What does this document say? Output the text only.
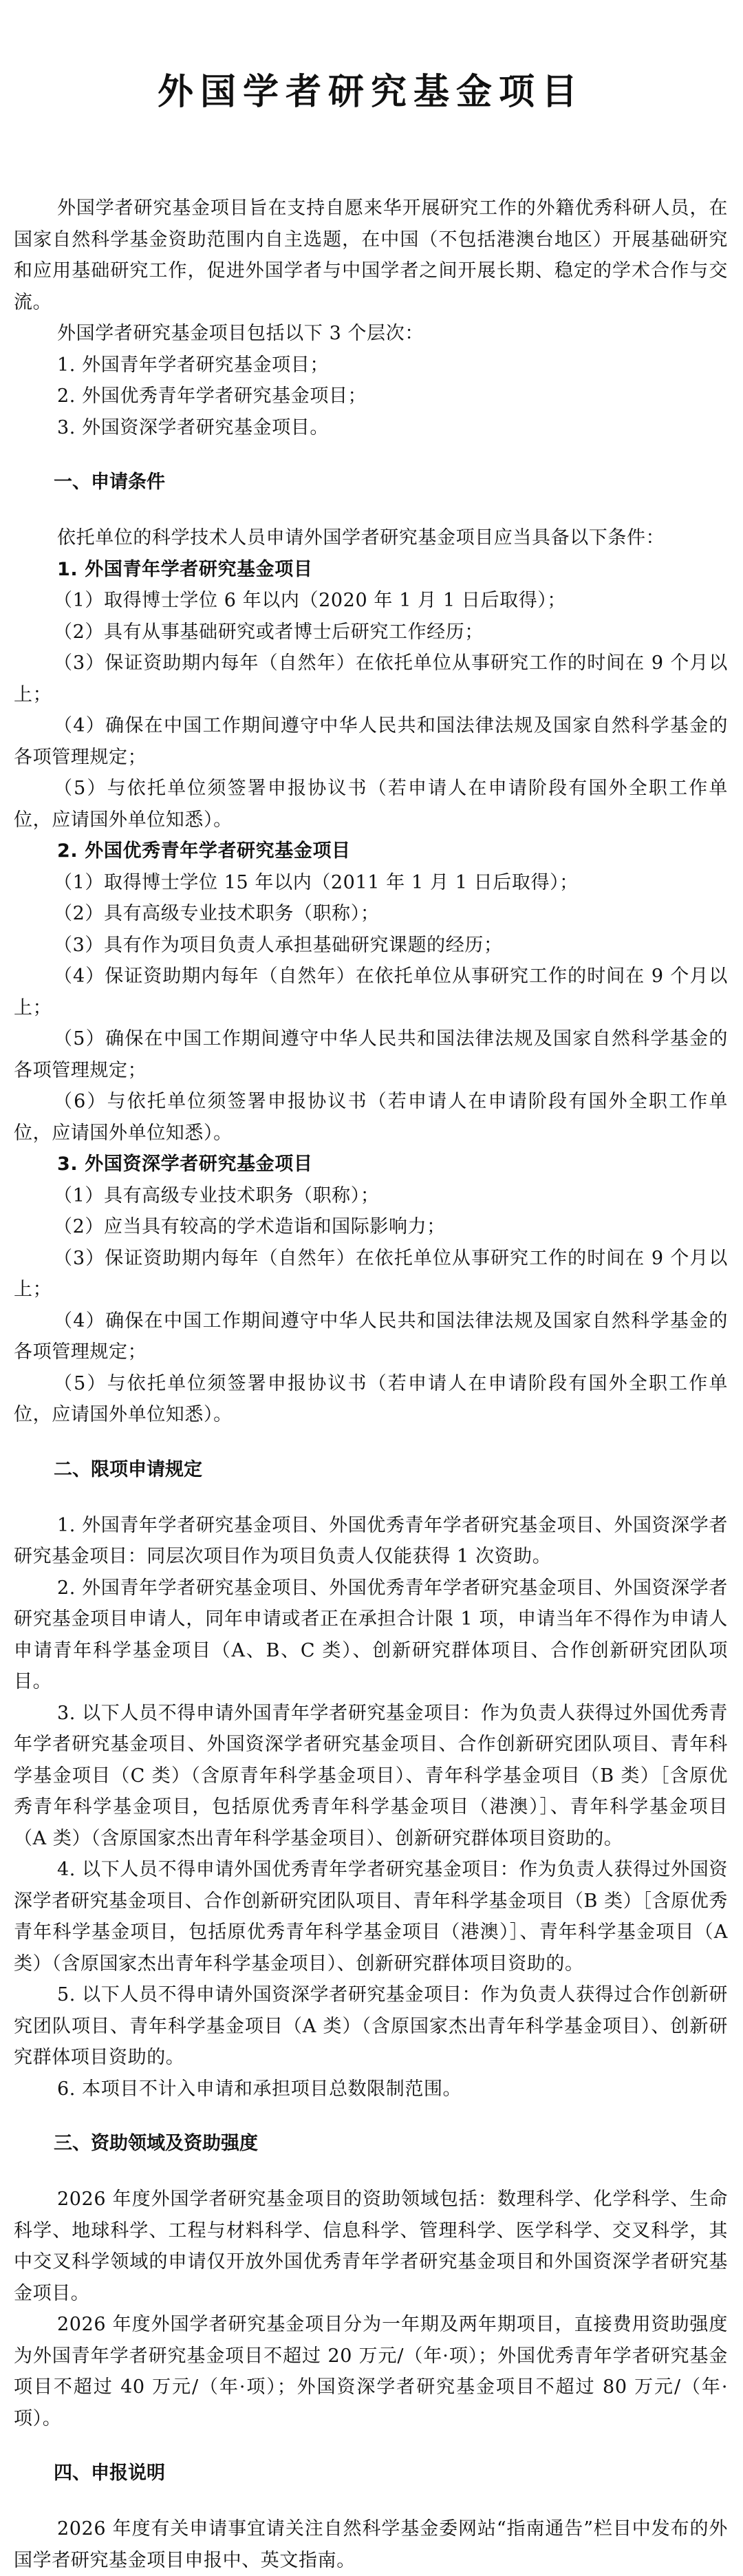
外国学者研究基金项目

外国学者研究基金项目旨在支持自愿来华开展研究工作的外籍优秀科研人员，在国家自然科学基金资助范围内自主选题，在中国（不包括港澳台地区）开展基础研究和应用基础研究工作，促进外国学者与中国学者之间开展长期、稳定的学术合作与交流。

外国学者研究基金项目包括以下 3 个层次：

1. 外国青年学者研究基金项目；

2. 外国优秀青年学者研究基金项目；

3. 外国资深学者研究基金项目。

一、申请条件

依托单位的科学技术人员申请外国学者研究基金项目应当具备以下条件：

1. 外国青年学者研究基金项目

（1）取得博士学位 6 年以内（2020 年 1 月 1 日后取得）；

（2）具有从事基础研究或者博士后研究工作经历；

（3）保证资助期内每年（自然年）在依托单位从事研究工作的时间在 9 个月以上；

（4）确保在中国工作期间遵守中华人民共和国法律法规及国家自然科学基金的各项管理规定；

（5）与依托单位须签署申报协议书（若申请人在申请阶段有国外全职工作单位，应请国外单位知悉）。

2. 外国优秀青年学者研究基金项目

（1）取得博士学位 15 年以内（2011 年 1 月 1 日后取得）；

（2）具有高级专业技术职务（职称）；

（3）具有作为项目负责人承担基础研究课题的经历；

（4）保证资助期内每年（自然年）在依托单位从事研究工作的时间在 9 个月以上；

（5）确保在中国工作期间遵守中华人民共和国法律法规及国家自然科学基金的各项管理规定；

（6）与依托单位须签署申报协议书（若申请人在申请阶段有国外全职工作单位，应请国外单位知悉）。

3. 外国资深学者研究基金项目

（1）具有高级专业技术职务（职称）；

（2）应当具有较高的学术造诣和国际影响力；

（3）保证资助期内每年（自然年）在依托单位从事研究工作的时间在 9 个月以上；

（4）确保在中国工作期间遵守中华人民共和国法律法规及国家自然科学基金的各项管理规定；

（5）与依托单位须签署申报协议书（若申请人在申请阶段有国外全职工作单位，应请国外单位知悉）。

二、限项申请规定

1. 外国青年学者研究基金项目、外国优秀青年学者研究基金项目、外国资深学者研究基金项目：同层次项目作为项目负责人仅能获得 1 次资助。

2. 外国青年学者研究基金项目、外国优秀青年学者研究基金项目、外国资深学者研究基金项目申请人，同年申请或者正在承担合计限 1 项，申请当年不得作为申请人申请青年科学基金项目（A、B、C 类）、创新研究群体项目、合作创新研究团队项目。

3. 以下人员不得申请外国青年学者研究基金项目：作为负责人获得过外国优秀青年学者研究基金项目、外国资深学者研究基金项目、合作创新研究团队项目、青年科学基金项目（C 类）（含原青年科学基金项目）、青年科学基金项目（B 类）［含原优秀青年科学基金项目，包括原优秀青年科学基金项目（港澳）］、青年科学基金项目（A 类）（含原国家杰出青年科学基金项目）、创新研究群体项目资助的。

4. 以下人员不得申请外国优秀青年学者研究基金项目：作为负责人获得过外国资深学者研究基金项目、合作创新研究团队项目、青年科学基金项目（B 类）［含原优秀青年科学基金项目，包括原优秀青年科学基金项目（港澳）］、青年科学基金项目（A 类）（含原国家杰出青年科学基金项目）、创新研究群体项目资助的。

5. 以下人员不得申请外国资深学者研究基金项目：作为负责人获得过合作创新研究团队项目、青年科学基金项目（A 类）（含原国家杰出青年科学基金项目）、创新研究群体项目资助的。

6. 本项目不计入申请和承担项目总数限制范围。

三、资助领域及资助强度

2026 年度外国学者研究基金项目的资助领域包括：数理科学、化学科学、生命科学、地球科学、工程与材料科学、信息科学、管理科学、医学科学、交叉科学，其中交叉科学领域的申请仅开放外国优秀青年学者研究基金项目和外国资深学者研究基金项目。

2026 年度外国学者研究基金项目分为一年期及两年期项目，直接费用资助强度为外国青年学者研究基金项目不超过 20 万元/（年·项）；外国优秀青年学者研究基金项目不超过 40 万元/（年·项）；外国资深学者研究基金项目不超过 80 万元/（年·项）。

四、申报说明

2026 年度有关申请事宜请关注自然科学基金委网站“指南通告”栏目中发布的外国学者研究基金项目申报中、英文指南。
